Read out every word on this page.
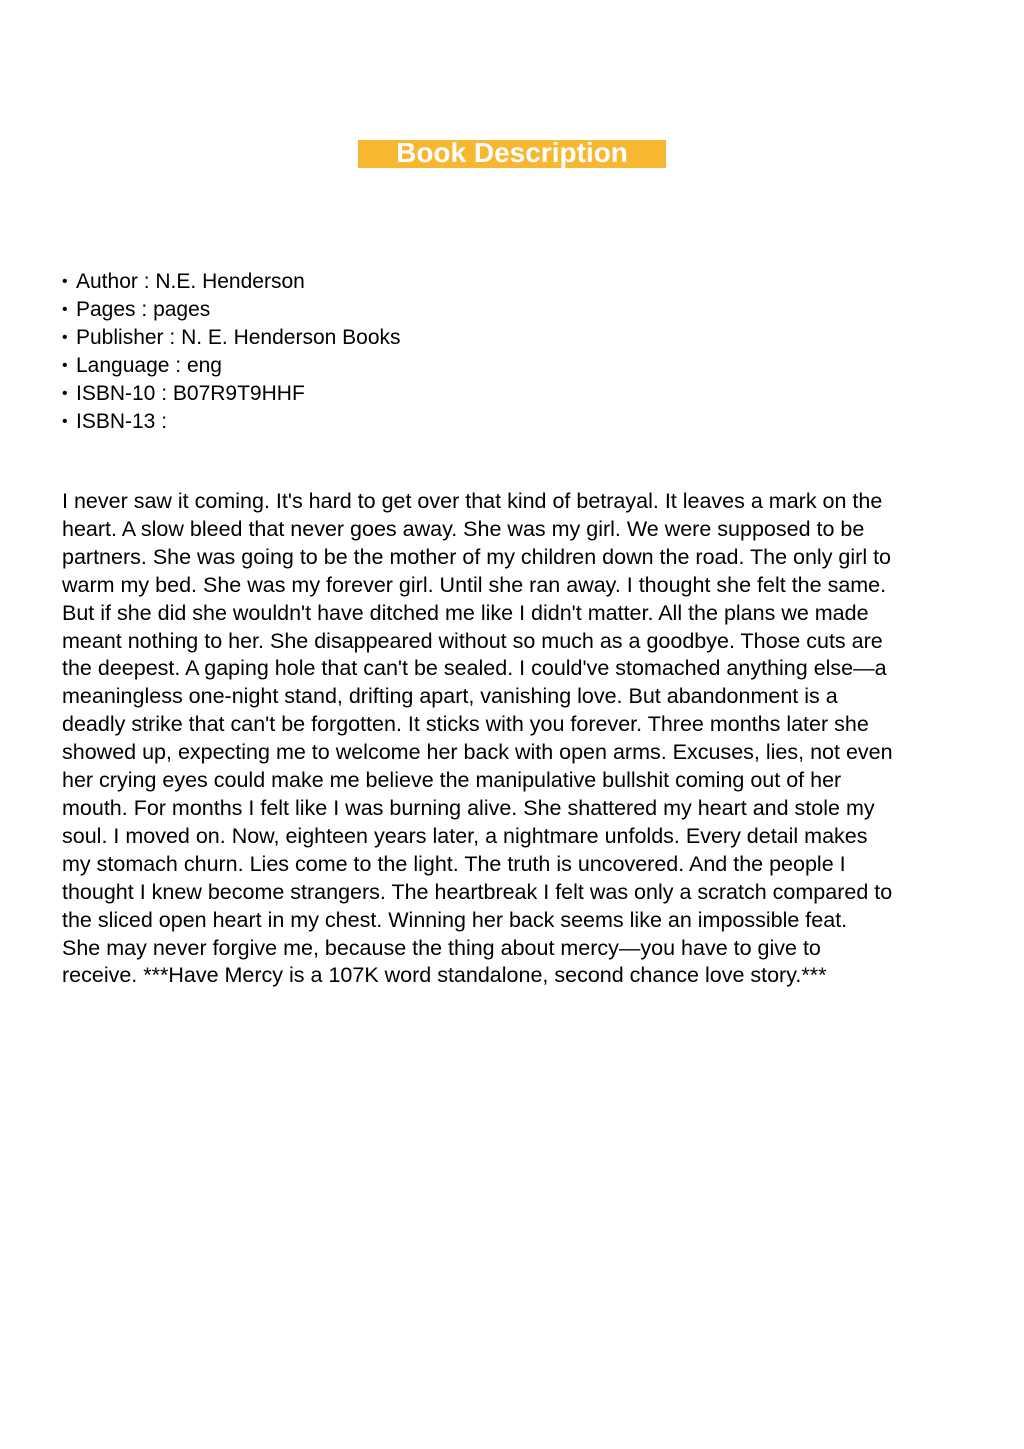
Book Description
• Author : N.E. Henderson
• Pages : pages
• Publisher : N. E. Henderson Books
• Language : eng
• ISBN-10 : B07R9T9HHF
• ISBN-13 :

I never saw it coming. It's hard to get over that kind of betrayal. It leaves a mark on the
heart. A slow bleed that never goes away. She was my girl. We were supposed to be
partners. She was going to be the mother of my children down the road. The only girl to
warm my bed. She was my forever girl. Until she ran away. I thought she felt the same.
But if she did she wouldn't have ditched me like I didn't matter. All the plans we made
meant nothing to her. She disappeared without so much as a goodbye. Those cuts are
the deepest. A gaping hole that can't be sealed. I could've stomached anything else—a
meaningless one-night stand, drifting apart, vanishing love. But abandonment is a
deadly strike that can't be forgotten. It sticks with you forever. Three months later she
showed up, expecting me to welcome her back with open arms. Excuses, lies, not even
her crying eyes could make me believe the manipulative bullshit coming out of her
mouth. For months I felt like I was burning alive. She shattered my heart and stole my
soul. I moved on. Now, eighteen years later, a nightmare unfolds. Every detail makes
my stomach churn. Lies come to the light. The truth is uncovered. And the people I
thought I knew become strangers. The heartbreak I felt was only a scratch compared to
the sliced open heart in my chest. Winning her back seems like an impossible feat.
She may never forgive me, because the thing about mercy—you have to give to
receive. ***Have Mercy is a 107K word standalone, second chance love story.***
